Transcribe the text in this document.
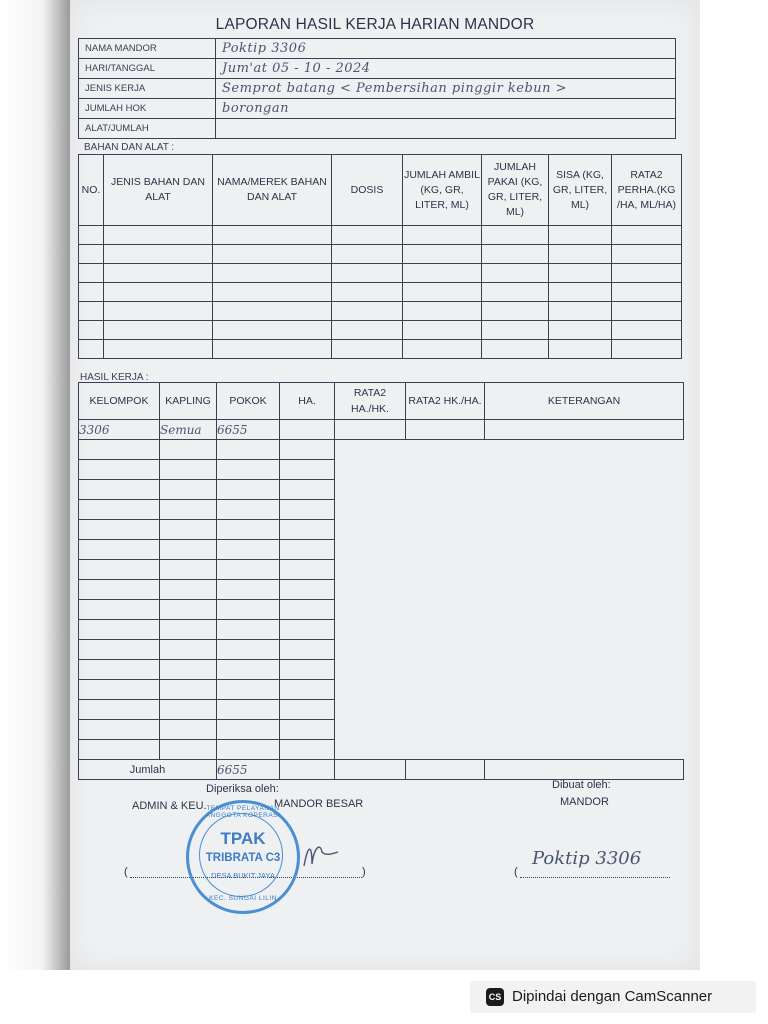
LAPORAN HASIL KERJA HARIAN MANDOR
NAMA MANDOR	Poktip 3306
HARI/TANGGAL	Jum'at 05 - 10 - 2024
JENIS KERJA	Semprot batang < Pembersihan pinggir kebun >
JUMLAH HOK	borongan
ALAT/JUMLAH	
BAHAN DAN ALAT :
NO.	JENIS BAHAN DAN ALAT	NAMA/MEREK BAHAN DAN ALAT	DOSIS	JUMLAH AMBIL (KG, GR, LITER, ML)	JUMLAH PAKAI (KG, GR, LITER, ML)	SISA (KG, GR, LITER, ML)	RATA2 PERHA.(KG /HA, ML/HA)

HASIL KERJA :
KELOMPOK	KAPLING	POKOK	HA.	RATA2 HA./HK.	RATA2 HK./HA.	KETERANGAN
3306	Semua	6655				

Jumlah		6655				
Diperiksa oleh:
ADMIN & KEU.	MANDOR BESAR
Dibuat oleh:
MANDOR
(	)	(
Poktip 3306
TEMPAT PELAYANAN ANGGOTA KOPERASI
TPAK
TRIBRATA C3
DESA BUKIT JAYA
KEC. SUNGAI LILIN
CS Dipindai dengan CamScanner
